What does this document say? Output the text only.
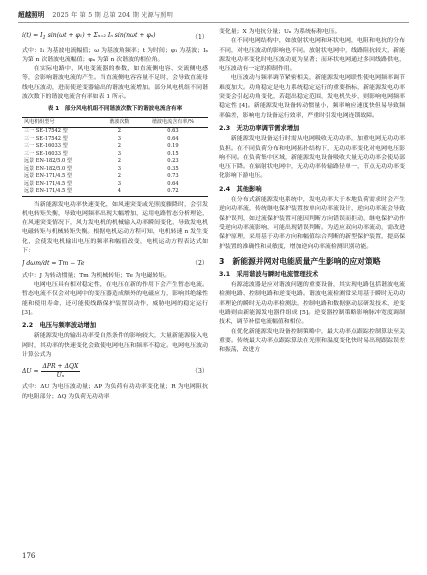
超越照明 2025 年 第 5 期 总第 204 期 光源与照明
$i(t) = I_1$ sin(ωt + φ₁) + Σₙ₌₂ Iₙ sin(nωt + φₙ)	（1）

式中：I₁ 为基波电流幅值；ω 为基波角频率；t 为时间；φ₁ 为基波；Iₙ 为第 n 次谐波电流幅值；φₙ 为第 n 次谐波的相位角。

在实际电路中，风电变流器的参数，如直流侧电容、交流侧电感等，会影响谐波电流的产生。当直流侧电容容量不足时，会导致直流母线电压波动，进而使逆变器输出的谐波电流增加。部分风电机组不同谐波次数下的谐波电流含有率如表 1 所示。

表 1　部分风电机组不同谐波次数下的谐波电流含有率
风电机组型号	谐波次数	谐波电流含有率/%
三一 SE-17542 型	2	0.63
三一 SE-17542 型	3	0.64
三一 SE-16033 型	2	0.19
三一 SE-16033 型	3	0.15
远景 EN-182/5.0 型	2	0.23
远景 EN-182/5.0 型	3	0.35
远景 EN-171/4.5 型	2	0.73
远景 EN-171/4.5 型	3	0.64
远景 EN-171/4.5 型	4	0.72

当新能源发电功率快速变化，如风速突变或光照度骤降时，会引发机电转矩失衡，导致电网频率出现大幅增加，运用电路暂态分析理论，在风速突变情况下，风力发电机的机械输入功率瞬间变化，导致发电机电磁转矩与机械转矩失衡。根据电机运动方程可知，电机转速 n 发生变化，会使发电机输出电压的频率和幅值改变，电机运动方程表达式如下：

J dωm/dt = Tm − Te	（2）

式中：J 为转动惯量；Tm 为机械转矩；Te 为电磁转矩。

电网电压具有相对稳定性，在电压在新的作用下会产生暂态电流。暂态电流不仅会对电网中的变压器造成额外的电磁应力，影响其绝缘性能和使用寿命，还可能使线路保护装置误动作，威胁电网的稳定运行 [3]。

2.2　电压与频率波动增加

新能源发电的输出功率受自然条件的影响较大，大量新能源接入电网时，其功率的快速变化会致使电网电压和频率不稳定。电网电压波动计算公式为

$\Delta U \approx \frac{\text{ΔPR + ΔQX}}{\text{Uₙ}}$	（3）

式中：ΔU 为电压波动量；ΔP 为负荷有功功率变化量；R 为电网阻抗的电阻部分；ΔQ 为负荷无功功率

变化量；X 为电抗分量；Uₙ 为系统标称电压。

在不同电网结构中，如放射状电网和环状电网，电阻和电抗的分布不同，对电压波动的影响也不同。放射状电网中，线路阻抗较大，新能源发电功率变化时电压波动更为显著；而环状电网通过多回线路供电，电压波动有一定的抑制作用。

电压波动与频率调节紧密相关，新能源发电网联性使电网频率调节难度加大。功角稳定是电力系统稳定运行的重要指标，新能源发电功率突变会引起功角变化，若超出稳定范围，发电机失步，则影响电网频率稳定性 [4]。新能源发电设备转动惯量小，频率响应速度快但易导致频率偏差，影响电力设备运行效率，严重时引发电网连锁故障。

2.3　无功功率调节需求增加

新能源发电设备运行时需从电网吸收无功功率，加重电网无功功率负担。在不同负荷分布和电网拓扑结构下，无功功率变化对电网电压影响不同。在负荷集中区域，新能源发电设备吸收大量无功功率会使局部电压下降。在辐射状电网中，无功功率传输路径单一，节点无功功率变化影响下游电压。

2.4　其他影响

在分布式新能源发电系统中，发电功率大于本地负荷需求时会产生逆向功率流，传统继电保护装置按单向功率流设计，逆向功率流会导致保护误判，如过流保护装置可能因判断方向错误而拒动，继电保护动作受逆向功率流影响，可能出现错误判断。为适应双向功率流动，需改进保护原理，采用基于功率方向和幅值综合判断的新型保护装置，提高保护装置的准确性和灵敏度，增加逆向功率流检测识别功能。

3 新能源并网对电能质量产生影响的应对策略
3.1　采用谐波与瞬时电流管理技术

有源滤波器是应对谐波问题的重要设备，其实现电路包括谐波电流检测电路、控制电路和逆变电路。谐波电流检测常采用基于瞬时无功功率理论的瞬时无功功率检测法，控制电路和数据驱动层研发技术，逆变电路则由新能源发电器件组成 [5]。逆变器控制策略影响脉冲宽度调制技术，调节补偿电流幅值和相位。

在优化新能源发电设备控制策略中，最大功率点跟踪控制算法至关重要。传统最大功率点跟踪算法在光照和温度变化快时易出现跟踪误差和振荡，改进方

176
